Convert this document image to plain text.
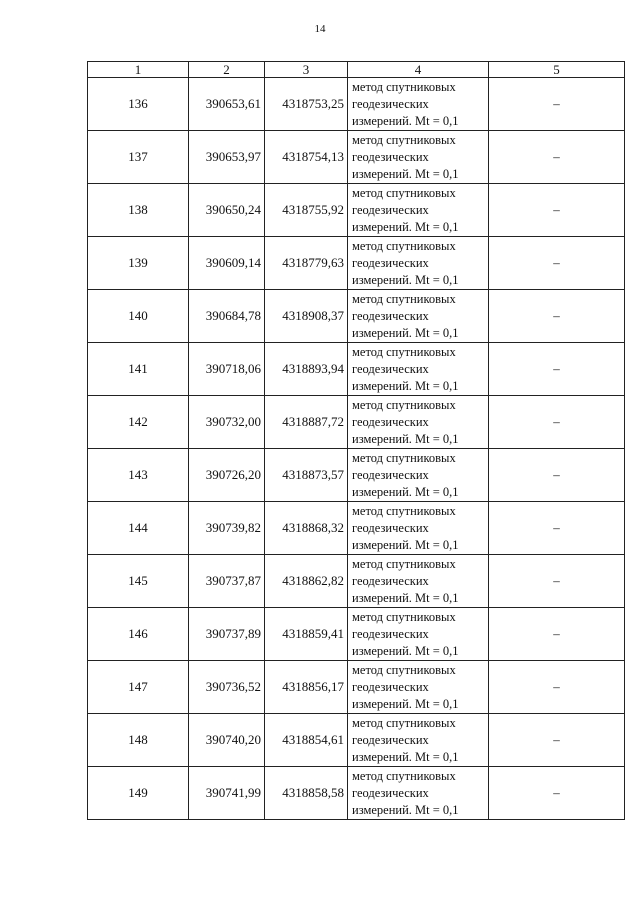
14
1	2	3	4	5
136	390653,61	4318753,25	метод спутниковых
геодезических
измерений. Mt = 0,1	–
137	390653,97	4318754,13	метод спутниковых
геодезических
измерений. Mt = 0,1	–
138	390650,24	4318755,92	метод спутниковых
геодезических
измерений. Mt = 0,1	–
139	390609,14	4318779,63	метод спутниковых
геодезических
измерений. Mt = 0,1	–
140	390684,78	4318908,37	метод спутниковых
геодезических
измерений. Mt = 0,1	–
141	390718,06	4318893,94	метод спутниковых
геодезических
измерений. Mt = 0,1	–
142	390732,00	4318887,72	метод спутниковых
геодезических
измерений. Mt = 0,1	–
143	390726,20	4318873,57	метод спутниковых
геодезических
измерений. Mt = 0,1	–
144	390739,82	4318868,32	метод спутниковых
геодезических
измерений. Mt = 0,1	–
145	390737,87	4318862,82	метод спутниковых
геодезических
измерений. Mt = 0,1	–
146	390737,89	4318859,41	метод спутниковых
геодезических
измерений. Mt = 0,1	–
147	390736,52	4318856,17	метод спутниковых
геодезических
измерений. Mt = 0,1	–
148	390740,20	4318854,61	метод спутниковых
геодезических
измерений. Mt = 0,1	–
149	390741,99	4318858,58	метод спутниковых
геодезических
измерений. Mt = 0,1	–
